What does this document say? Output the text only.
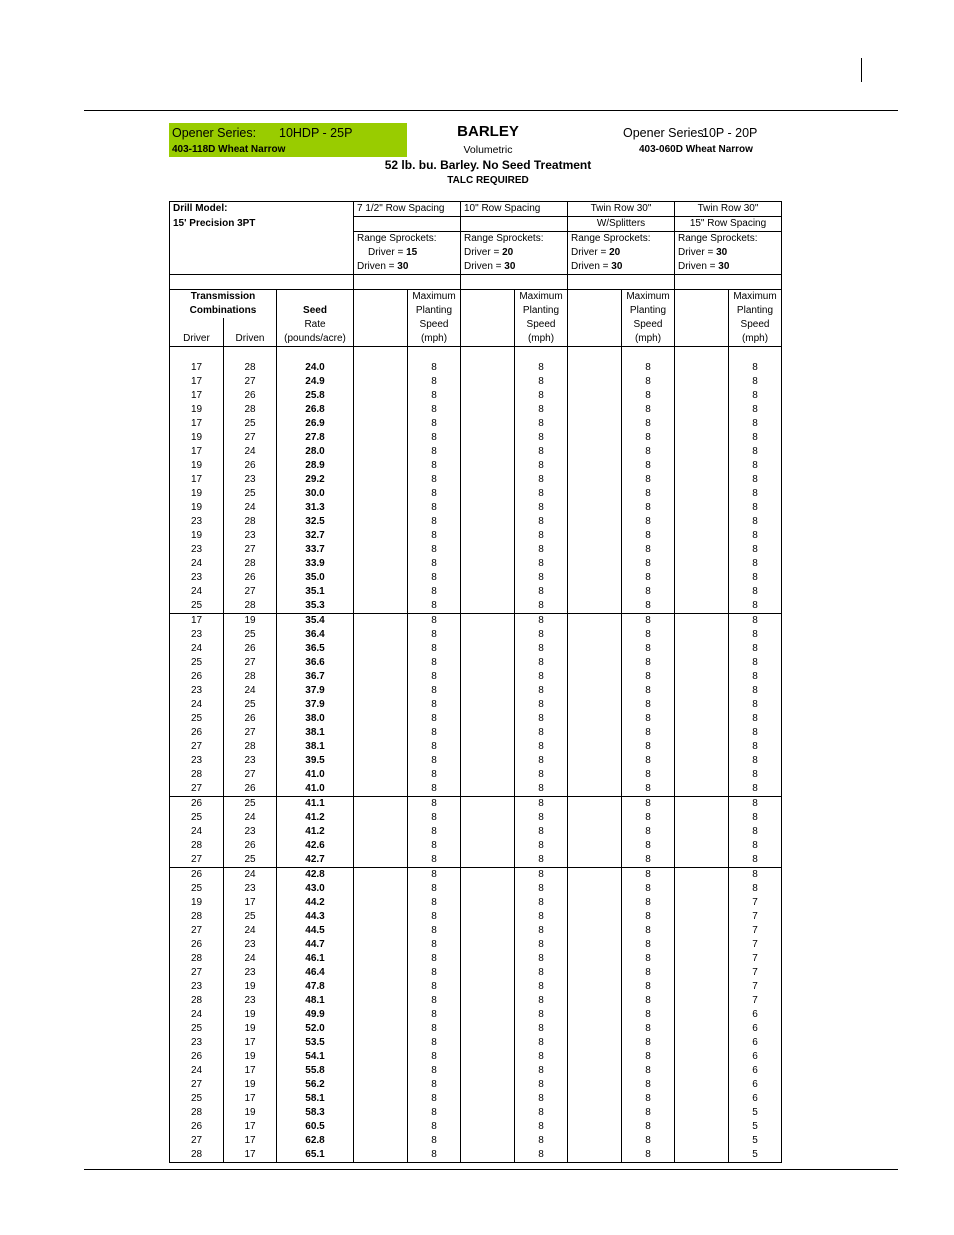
Opener Series: 10HDP - 25P
403-118D Wheat Narrow
BARLEY
Volumetric
52 lb. bu. Barley. No Seed Treatment
TALC REQUIRED
Opener Series:
10P - 20P
403-060D Wheat Narrow
Drill Model:			7 1/2" Row Spacing		10" Row Spacing		Twin Row 30"		Twin Row 30"	
15' Precision 3PT							W/Splitters		15" Row Spacing	
			Range Sprockets:		Range Sprockets:		Range Sprockets:		Range Sprockets:	
			Driver = 15		Driver = 20		Driver = 20		Driver = 30	
			Driven = 30		Driven = 30		Driven = 30		Driven = 30	

Transmission				Maximum		Maximum		Maximum		Maximum
Combinations		Seed		Planting		Planting		Planting		Planting
		Rate		Speed		Speed		Speed		Speed
Driver	Driven	(pounds/acre)		(mph)		(mph)		(mph)		(mph)

17	28	24.0		8		8		8		8
17	27	24.9		8		8		8		8
17	26	25.8		8		8		8		8
19	28	26.8		8		8		8		8
17	25	26.9		8		8		8		8
19	27	27.8		8		8		8		8
17	24	28.0		8		8		8		8
19	26	28.9		8		8		8		8
17	23	29.2		8		8		8		8
19	25	30.0		8		8		8		8
19	24	31.3		8		8		8		8
23	28	32.5		8		8		8		8
19	23	32.7		8		8		8		8
23	27	33.7		8		8		8		8
24	28	33.9		8		8		8		8
23	26	35.0		8		8		8		8
24	27	35.1		8		8		8		8
25	28	35.3		8		8		8		8
17	19	35.4		8		8		8		8
23	25	36.4		8		8		8		8
24	26	36.5		8		8		8		8
25	27	36.6		8		8		8		8
26	28	36.7		8		8		8		8
23	24	37.9		8		8		8		8
24	25	37.9		8		8		8		8
25	26	38.0		8		8		8		8
26	27	38.1		8		8		8		8
27	28	38.1		8		8		8		8
23	23	39.5		8		8		8		8
28	27	41.0		8		8		8		8
27	26	41.0		8		8		8		8
26	25	41.1		8		8		8		8
25	24	41.2		8		8		8		8
24	23	41.2		8		8		8		8
28	26	42.6		8		8		8		8
27	25	42.7		8		8		8		8
26	24	42.8		8		8		8		8
25	23	43.0		8		8		8		8
19	17	44.2		8		8		8		7
28	25	44.3		8		8		8		7
27	24	44.5		8		8		8		7
26	23	44.7		8		8		8		7
28	24	46.1		8		8		8		7
27	23	46.4		8		8		8		7
23	19	47.8		8		8		8		7
28	23	48.1		8		8		8		7
24	19	49.9		8		8		8		6
25	19	52.0		8		8		8		6
23	17	53.5		8		8		8		6
26	19	54.1		8		8		8		6
24	17	55.8		8		8		8		6
27	19	56.2		8		8		8		6
25	17	58.1		8		8		8		6
28	19	58.3		8		8		8		5
26	17	60.5		8		8		8		5
27	17	62.8		8		8		8		5
28	17	65.1		8		8		8		5
